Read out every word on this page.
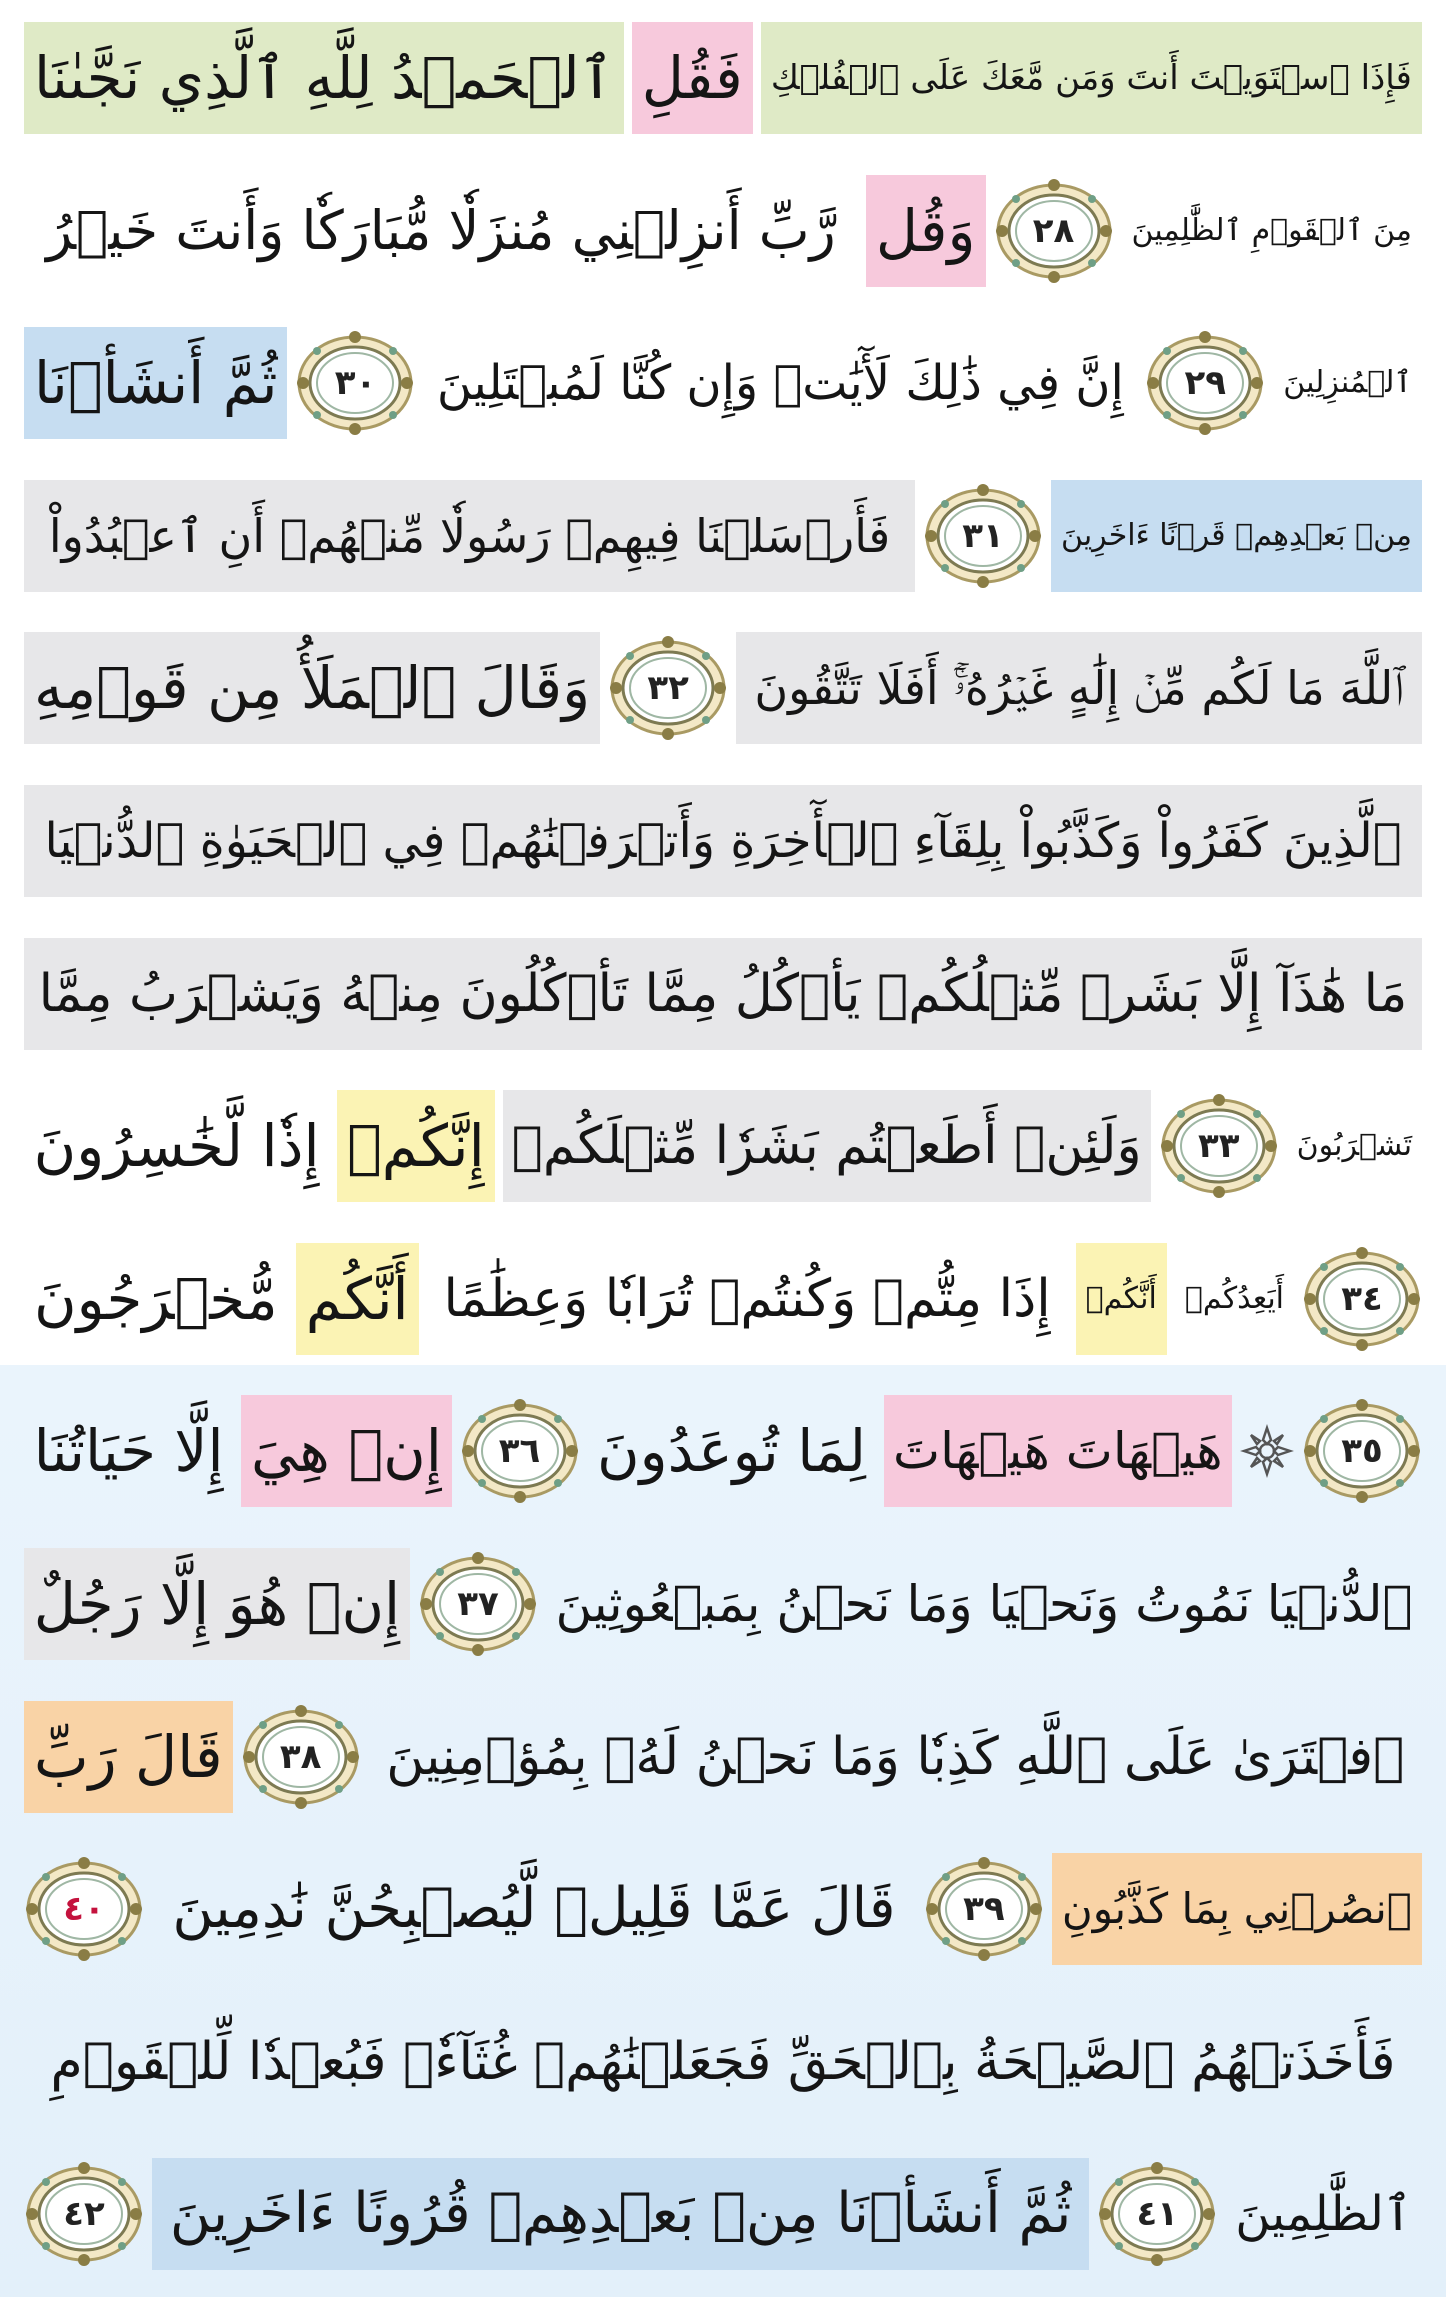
فَإِذَا ٱسۡتَوَيۡتَ أَنتَ وَمَن مَّعَكَ عَلَى ٱلۡفُلۡكِ
فَقُلِ
ٱلۡحَمۡدُ لِلَّهِ ٱلَّذِي نَجَّىٰنَا
مِنَ ٱلۡقَوۡمِ ٱلظَّٰلِمِينَ
٢٨
وَقُل
رَّبِّ أَنزِلۡنِي مُنزَلٗا مُّبَارَكٗا وَأَنتَ خَيۡرُ
ٱلۡمُنزِلِينَ
٢٩
إِنَّ فِي ذَٰلِكَ لَأٓيَٰتٖ وَإِن كُنَّا لَمُبۡتَلِينَ
٣٠
ثُمَّ أَنشَأۡنَا
مِنۢ بَعۡدِهِمۡ قَرۡنًا ءَاخَرِينَ
٣١
فَأَرۡسَلۡنَا فِيهِمۡ رَسُولٗا مِّنۡهُمۡ أَنِ ٱعۡبُدُواْ
ٱللَّهَ مَا لَكُم مِّنۡ إِلَٰهٍ غَيۡرُهُۥٓۚ أَفَلَا تَتَّقُونَ
٣٢
وَقَالَ ٱلۡمَلَأُ مِن قَوۡمِهِ
ٱلَّذِينَ كَفَرُواْ وَكَذَّبُواْ بِلِقَآءِ ٱلۡأٓخِرَةِ وَأَتۡرَفۡنَٰهُمۡ فِي ٱلۡحَيَوٰةِ ٱلدُّنۡيَا
مَا هَٰذَآ إِلَّا بَشَرٞ مِّثۡلُكُمۡ يَأۡكُلُ مِمَّا تَأۡكُلُونَ مِنۡهُ وَيَشۡرَبُ مِمَّا
تَشۡرَبُونَ
٣٣
وَلَئِنۡ أَطَعۡتُم بَشَرٗا مِّثۡلَكُمۡ
إِنَّكُمۡ
إِذٗا لَّخَٰسِرُونَ
٣٤
أَيَعِدُكُمۡ
أَنَّكُمۡ
إِذَا مِتُّمۡ وَكُنتُمۡ تُرَابٗا وَعِظَٰمًا
أَنَّكُم
مُّخۡرَجُونَ
٣٥
هَيۡهَاتَ هَيۡهَاتَ
لِمَا تُوعَدُونَ
٣٦
إِنۡ هِيَ
إِلَّا حَيَاتُنَا
ٱلدُّنۡيَا نَمُوتُ وَنَحۡيَا وَمَا نَحۡنُ بِمَبۡعُوثِينَ
٣٧
إِنۡ هُوَ إِلَّا رَجُلٌ
ٱفۡتَرَىٰ عَلَى ٱللَّهِ كَذِبٗا وَمَا نَحۡنُ لَهُۥ بِمُؤۡمِنِينَ
٣٨
قَالَ رَبِّ
ٱنصُرۡنِي بِمَا كَذَّبُونِ
٣٩
قَالَ عَمَّا قَلِيلٖ لَّيُصۡبِحُنَّ نَٰدِمِينَ
٤٠
فَأَخَذَتۡهُمُ ٱلصَّيۡحَةُ بِٱلۡحَقِّ فَجَعَلۡنَٰهُمۡ غُثَآءٗۚ فَبُعۡدٗا لِّلۡقَوۡمِ
ٱلظَّٰلِمِينَ
٤١
ثُمَّ أَنشَأۡنَا مِنۢ بَعۡدِهِمۡ قُرُونًا ءَاخَرِينَ
٤٢
